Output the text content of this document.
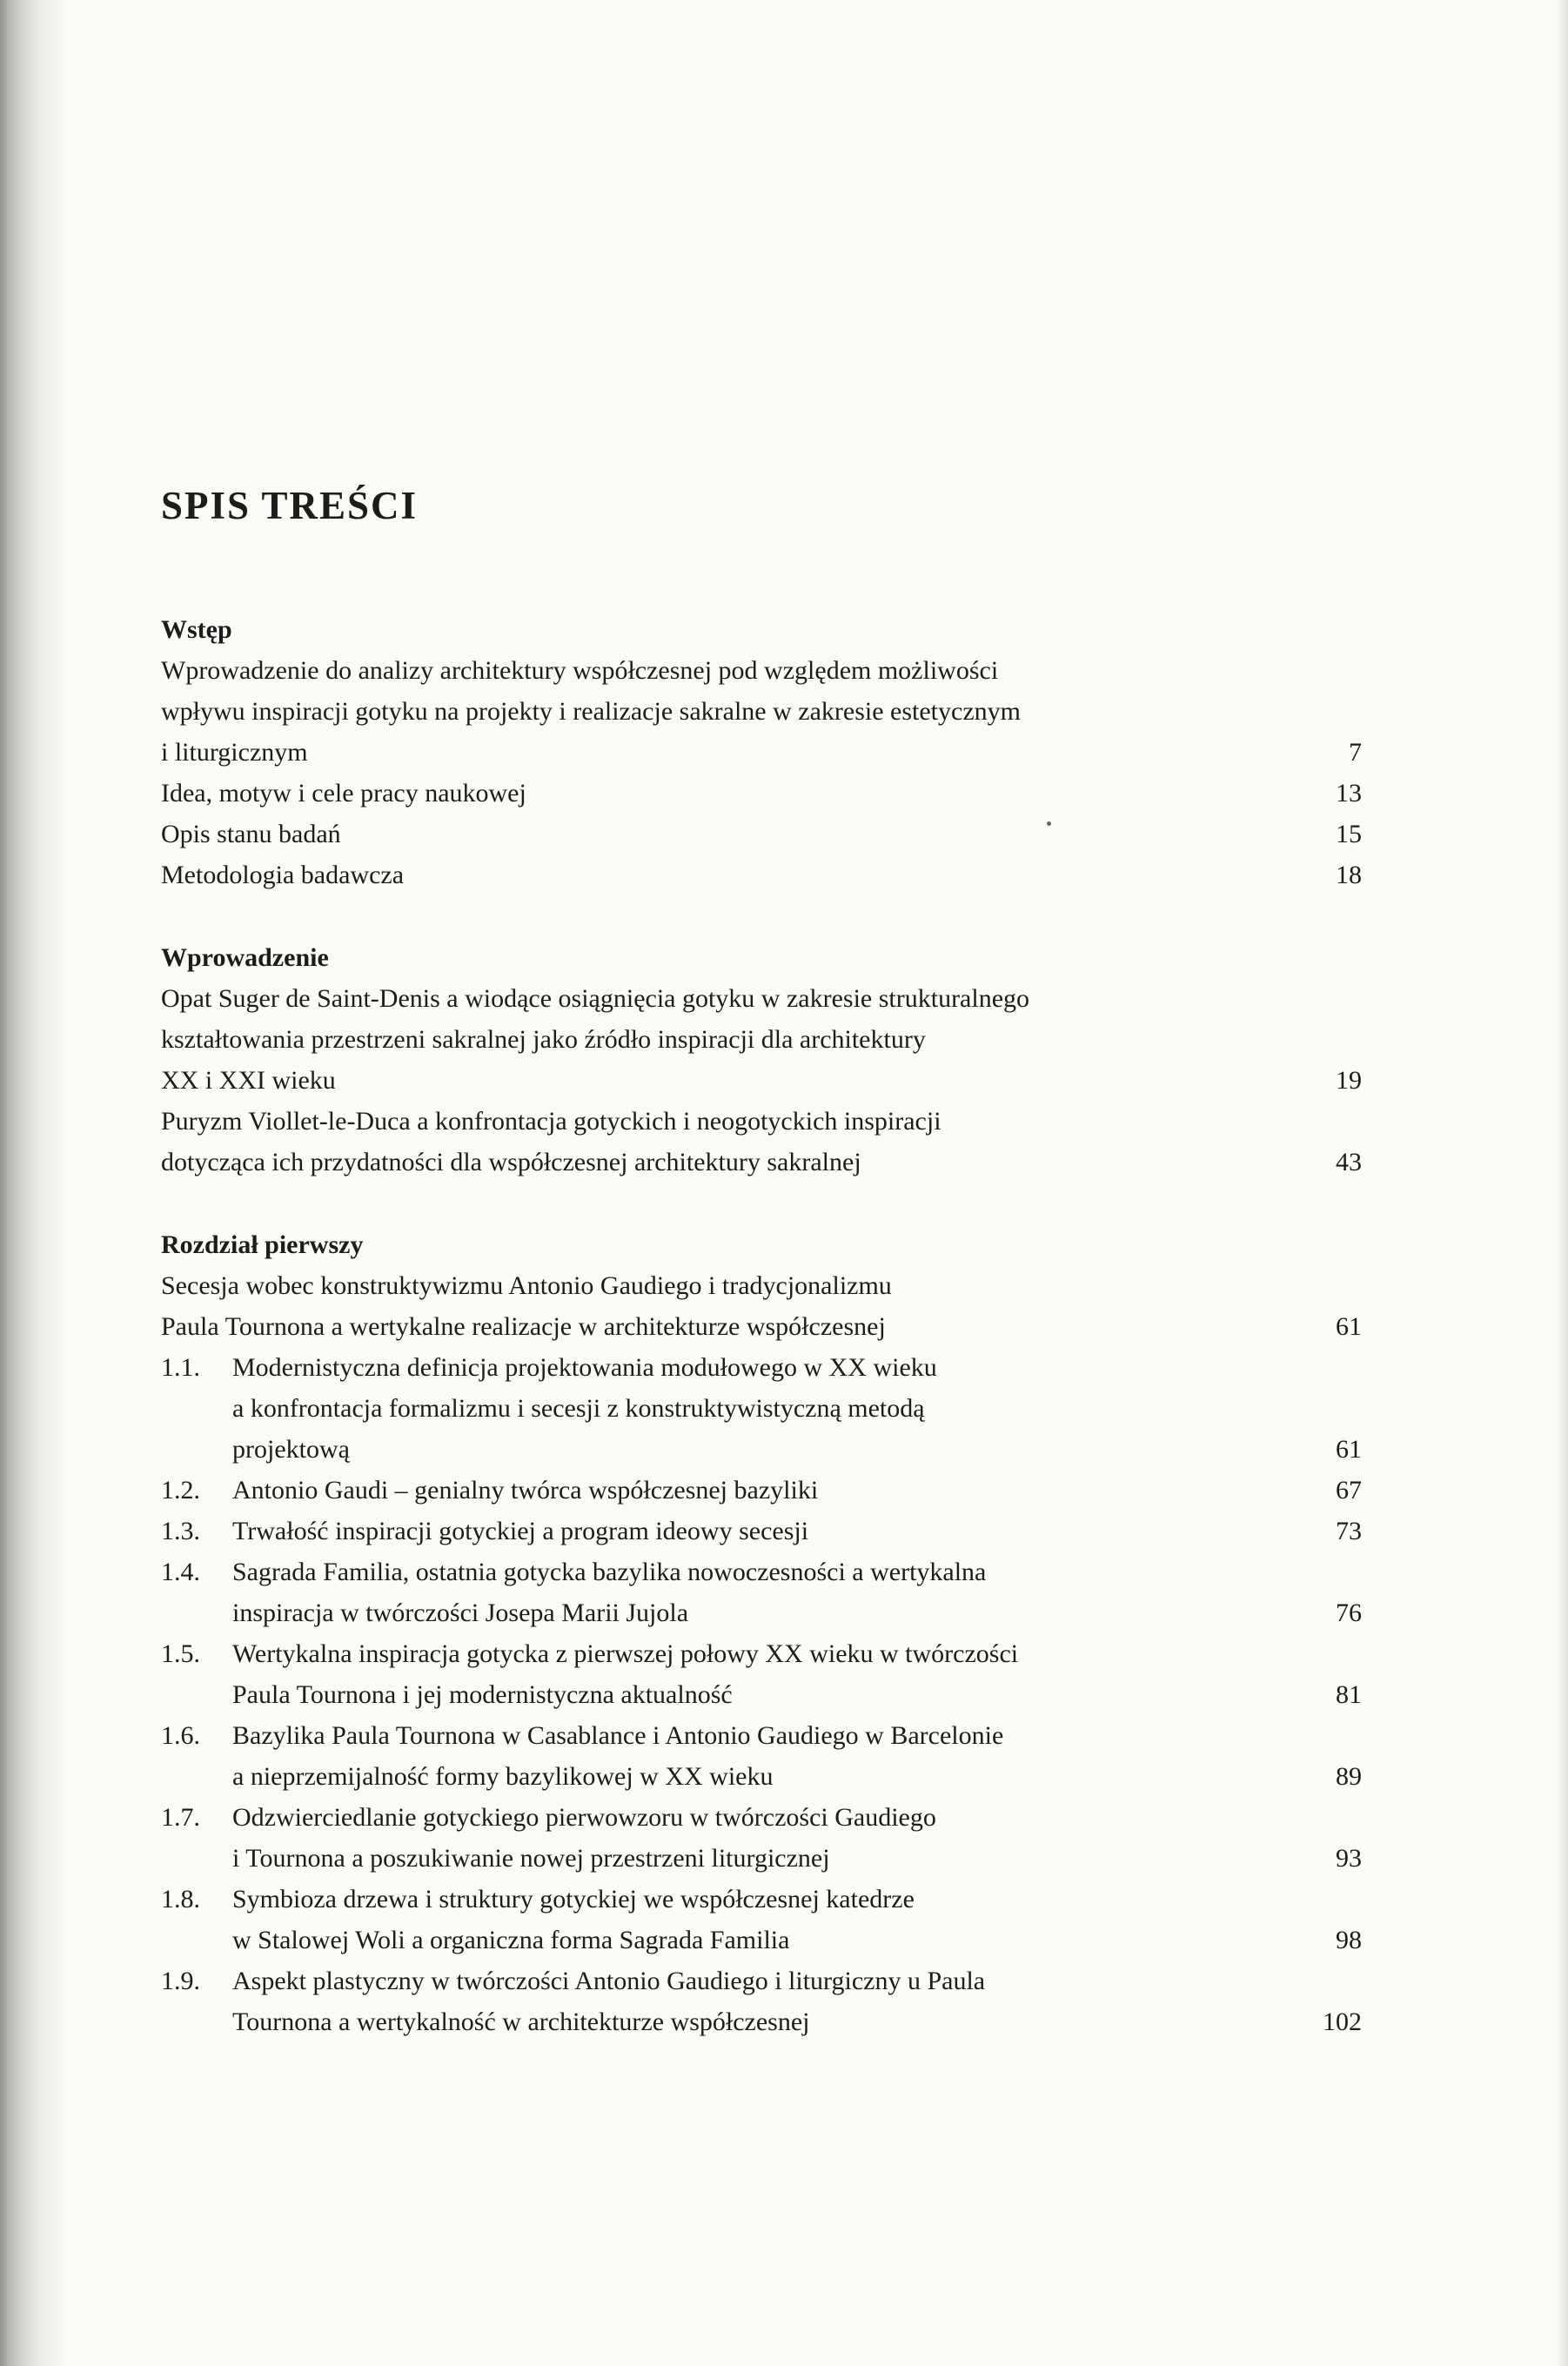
SPIS TREŚCI
Wstęp
Wprowadzenie do analizy architektury współczesnej pod względem możliwości
wpływu inspiracji gotyku na projekty i realizacje sakralne w zakresie estetycznym
i liturgicznym	7
Idea, motyw i cele pracy naukowej	13
Opis stanu badań	15
Metodologia badawcza	18
Wprowadzenie
Opat Suger de Saint-Denis a wiodące osiągnięcia gotyku w zakresie strukturalnego
kształtowania przestrzeni sakralnej jako źródło inspiracji dla architektury
XX i XXI wieku	19
Puryzm Viollet-le-Duca a konfrontacja gotyckich i neogotyckich inspiracji
dotycząca ich przydatności dla współczesnej architektury sakralnej	43
Rozdział pierwszy
Secesja wobec konstruktywizmu Antonio Gaudiego i tradycjonalizmu
Paula Tournona a wertykalne realizacje w architekturze współczesnej	61
1.1.	Modernistyczna definicja projektowania modułowego w XX wieku
a konfrontacja formalizmu i secesji z konstruktywistyczną metodą
projektową	61
1.2.	Antonio Gaudi – genialny twórca współczesnej bazyliki	67
1.3.	Trwałość inspiracji gotyckiej a program ideowy secesji	73
1.4.	Sagrada Familia, ostatnia gotycka bazylika nowoczesności a wertykalna
inspiracja w twórczości Josepa Marii Jujola	76
1.5.	Wertykalna inspiracja gotycka z pierwszej połowy XX wieku w twórczości
Paula Tournona i jej modernistyczna aktualność	81
1.6.	Bazylika Paula Tournona w Casablance i Antonio Gaudiego w Barcelonie
a nieprzemijalność formy bazylikowej w XX wieku	89
1.7.	Odzwierciedlanie gotyckiego pierwowzoru w twórczości Gaudiego
i Tournona a poszukiwanie nowej przestrzeni liturgicznej	93
1.8.	Symbioza drzewa i struktury gotyckiej we współczesnej katedrze
w Stalowej Woli a organiczna forma Sagrada Familia	98
1.9.	Aspekt plastyczny w twórczości Antonio Gaudiego i liturgiczny u Paula
Tournona a wertykalność w architekturze współczesnej	102
